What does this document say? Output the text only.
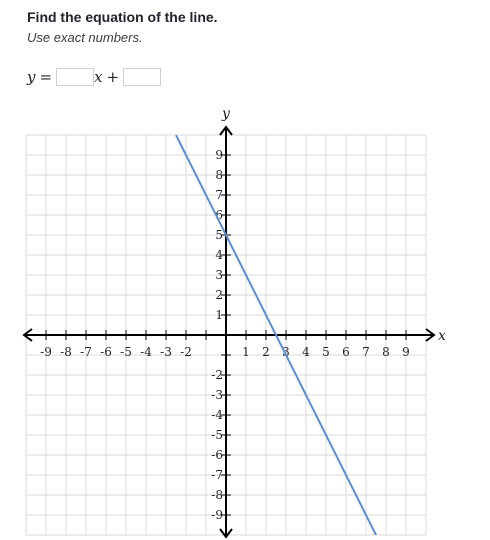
Find the equation of the line.
Use exact numbers.
y =	x +
-9 -8 -7 -6 -5 -4 -3 -2	1 2 3 4 5 6 7 8 9
9
8
7
6
5
4
3
2
1
-2
-3
-4
-5
-6
-7
-8
-9
x
y
